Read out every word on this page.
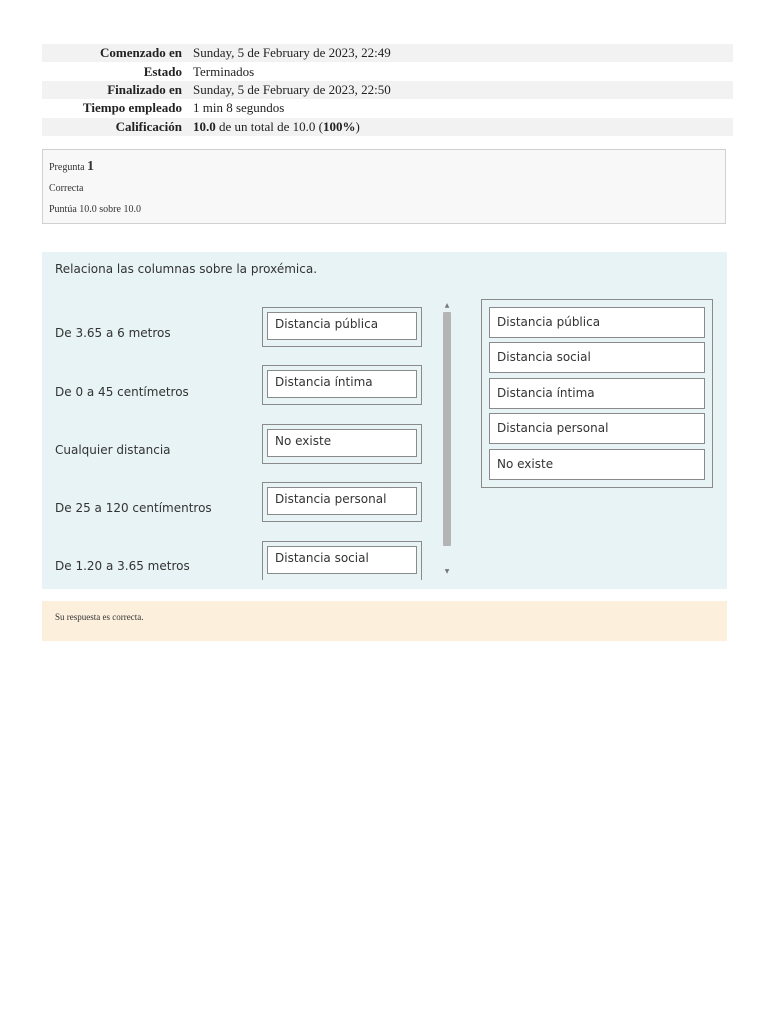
Comenzado en	Sunday, 5 de February de 2023, 22:49
Estado	Terminados
Finalizado en	Sunday, 5 de February de 2023, 22:50
Tiempo empleado	1 min 8 segundos
Calificación	10.0 de un total de 10.0 (100%)
Pregunta 1
Correcta
Puntúa 10.0 sobre 10.0
Relaciona las columnas sobre la proxémica.
De 3.65 a 6 metros
Distancia pública
De 0 a 45 centímetros
Distancia íntima
Cualquier distancia
No existe
De 25 a 120 centímentros
Distancia personal
De 1.20 a 3.65 metros
Distancia social
▲
▼
Distancia pública
Distancia social
Distancia íntima
Distancia personal
No existe
Su respuesta es correcta.
